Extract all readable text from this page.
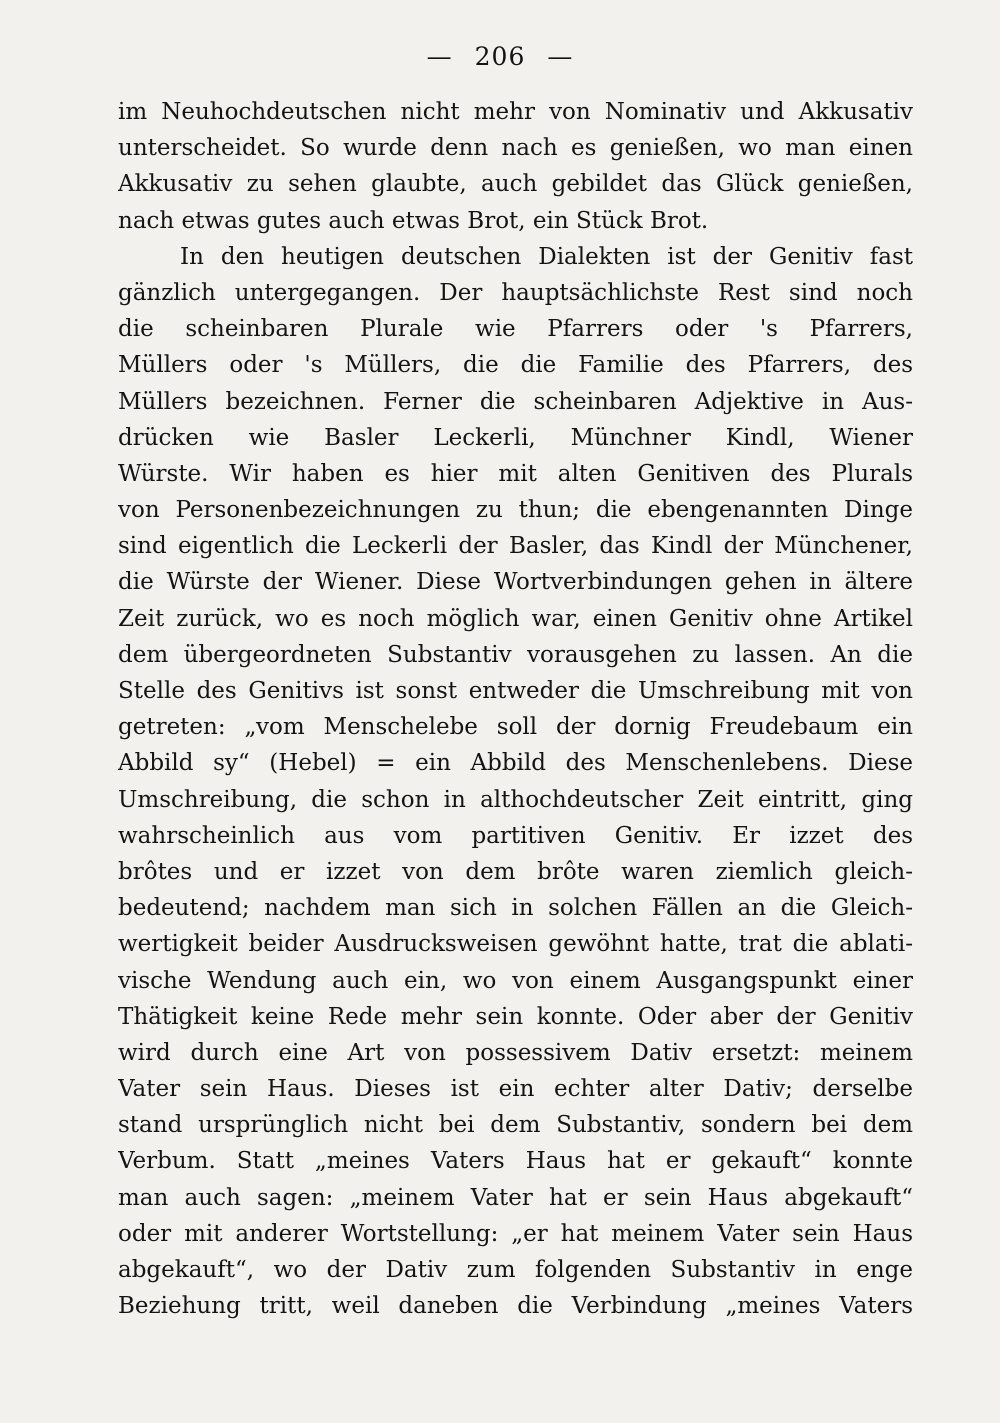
— 206 —
im Neuhochdeutschen nicht mehr von Nominativ und Akkusativ
unterscheidet. So wurde denn nach es genießen, wo man einen
Akkusativ zu sehen glaubte, auch gebildet das Glück genießen,
nach etwas gutes auch etwas Brot, ein Stück Brot.
In den heutigen deutschen Dialekten ist der Genitiv fast
gänzlich untergegangen. Der hauptsächlichste Rest sind noch
die scheinbaren Plurale wie Pfarrers oder 's Pfarrers,
Müllers oder 's Müllers, die die Familie des Pfarrers, des
Müllers bezeichnen. Ferner die scheinbaren Adjektive in Aus-
drücken wie Basler Leckerli, Münchner Kindl, Wiener
Würste. Wir haben es hier mit alten Genitiven des Plurals
von Personenbezeichnungen zu thun; die ebengenannten Dinge
sind eigentlich die Leckerli der Basler, das Kindl der Münchener,
die Würste der Wiener. Diese Wortverbindungen gehen in ältere
Zeit zurück, wo es noch möglich war, einen Genitiv ohne Artikel
dem übergeordneten Substantiv vorausgehen zu lassen. An die
Stelle des Genitivs ist sonst entweder die Umschreibung mit von
getreten: „vom Menschelebe soll der dornig Freudebaum ein
Abbild sy“ (Hebel) = ein Abbild des Menschenlebens. Diese
Umschreibung, die schon in althochdeutscher Zeit eintritt, ging
wahrscheinlich aus vom partitiven Genitiv. Er izzet des
brôtes und er izzet von dem brôte waren ziemlich gleich-
bedeutend; nachdem man sich in solchen Fällen an die Gleich-
wertigkeit beider Ausdrucksweisen gewöhnt hatte, trat die ablati-
vische Wendung auch ein, wo von einem Ausgangspunkt einer
Thätigkeit keine Rede mehr sein konnte. Oder aber der Genitiv
wird durch eine Art von possessivem Dativ ersetzt: meinem
Vater sein Haus. Dieses ist ein echter alter Dativ; derselbe
stand ursprünglich nicht bei dem Substantiv, sondern bei dem
Verbum. Statt „meines Vaters Haus hat er gekauft“ konnte
man auch sagen: „meinem Vater hat er sein Haus abgekauft“
oder mit anderer Wortstellung: „er hat meinem Vater sein Haus
abgekauft“, wo der Dativ zum folgenden Substantiv in enge
Beziehung tritt, weil daneben die Verbindung „meines Vaters
